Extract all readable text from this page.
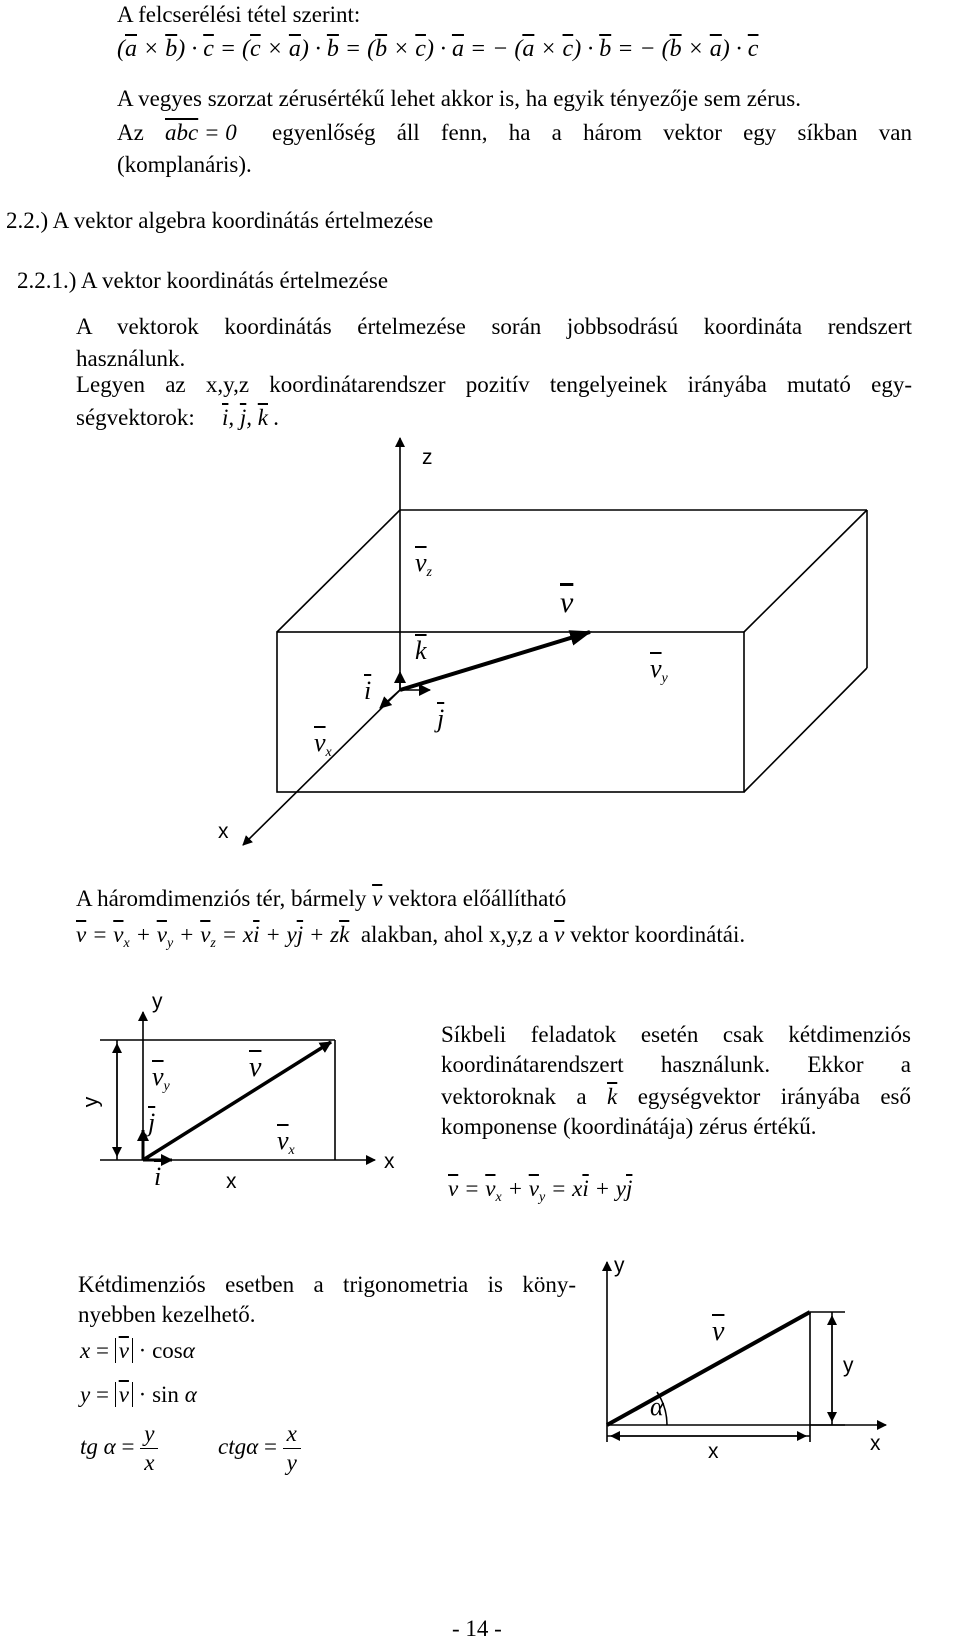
A felcserélési tétel szerint:
$(\overline{a} \times \overline{b}) \cdot \overline{c} = (\overline{c} \times \overline{a}) \cdot \overline{b} = (\overline{b} \times \overline{c}) \cdot \overline{a}$ = − $(\overline{a} \times \overline{c}) \cdot \overline{b}$ = − $(\overline{b} \times \overline{a}) \cdot \overline{c}$
A vegyes szorzat zérusértékű lehet akkor is, ha egyik tényezője sem zérus.
Az $\overline{a}\overline{b}\overline{c} = 0$ egyenlőség áll fenn, ha a három vektor egy síkban van
(komplanáris).
2.2.) A vektor algebra koordinátás értelmezése
2.2.1.) A vektor koordinátás értelmezése
A vektorok koordinátás értelmezése során jobbsodrású koordináta rendszert
használunk.
Legyen az x,y,z koordinátarendszer pozitív tengelyeinek irányába mutató egy-
ségvektorok: $\overline{i}$, $\overline{j}$, $\overline{k}$ .
z
x
$\overline{v}_z$
$\overline{v}$
$\overline{k}$
$\overline{v}_y$
$\overline{i}$
$\overline{j}$
$\overline{v}_x$
A háromdimenziós tér, bármely $\overline{v}$ vektora előállítható
$\overline{v} = \overline{v}_x + \overline{v}_y + \overline{v}_z = x\overline{i} + y\overline{j} + z\overline{k}$ alakban, ahol x,y,z a $\overline{v}$ vektor koordinátái.
y
x
y
x
$\overline{v}_y$
$\overline{v}$
$\overline{j}$
$\overline{i}$
$\overline{v}_x$
Síkbeli feladatok esetén csak kétdimenziós
koordinátarendszert használunk. Ekkor a
vektoroknak a $\overline{k}$ egységvektor irányába eső
komponense (koordinátája) zérus értékű.
$\overline{v} = \overline{v}_x + \overline{v}_y = x\overline{i} + y\overline{j}$
Kétdimenziós esetben a trigonometria is köny-
nyebben kezelhető.
$x = \overline{v} \cdot \cos\alpha$
$y = \overline{v} \cdot \sin \alpha$
tg $\alpha = \frac{y}{x}$	$ctg\alpha = \frac{x}{y}$
y
x
$\overline{v}$
α
y
x
- 14 -
